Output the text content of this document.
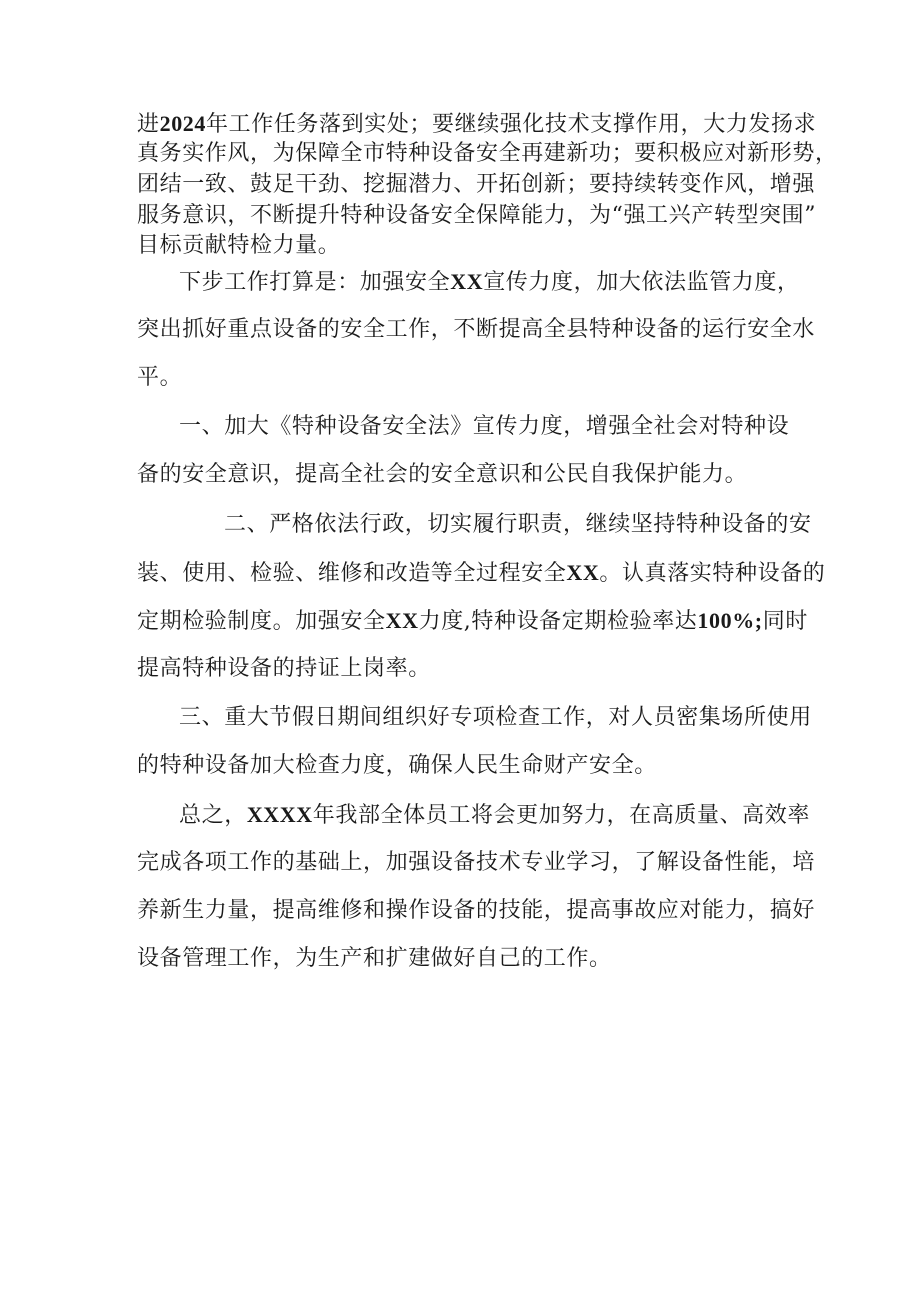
进2024年工作任务落到实处；要继续强化技术支撑作用，大力发扬求
真务实作风，为保障全市特种设备安全再建新功；要积极应对新形势，
团结一致、鼓足干劲、挖掘潜力、开拓创新；要持续转变作风，增强
服务意识，不断提升特种设备安全保障能力，为“强工兴产转型突围”
目标贡献特检力量。
下步工作打算是：加强安全XX宣传力度，加大依法监管力度，
突出抓好重点设备的安全工作，不断提高全县特种设备的运行安全水
平。
一、加大《特种设备安全法》宣传力度，增强全社会对特种设
备的安全意识，提高全社会的安全意识和公民自我保护能力。
二、严格依法行政，切实履行职责，继续坚持特种设备的安
装、使用、检验、维修和改造等全过程安全XX。认真落实特种设备的
定期检验制度。加强安全XX力度,特种设备定期检验率达100%;同时
提高特种设备的持证上岗率。
三、重大节假日期间组织好专项检查工作，对人员密集场所使用
的特种设备加大检查力度，确保人民生命财产安全。
总之，XXXX年我部全体员工将会更加努力，在高质量、高效率
完成各项工作的基础上，加强设备技术专业学习，了解设备性能，培
养新生力量，提高维修和操作设备的技能，提高事故应对能力，搞好
设备管理工作，为生产和扩建做好自己的工作。
